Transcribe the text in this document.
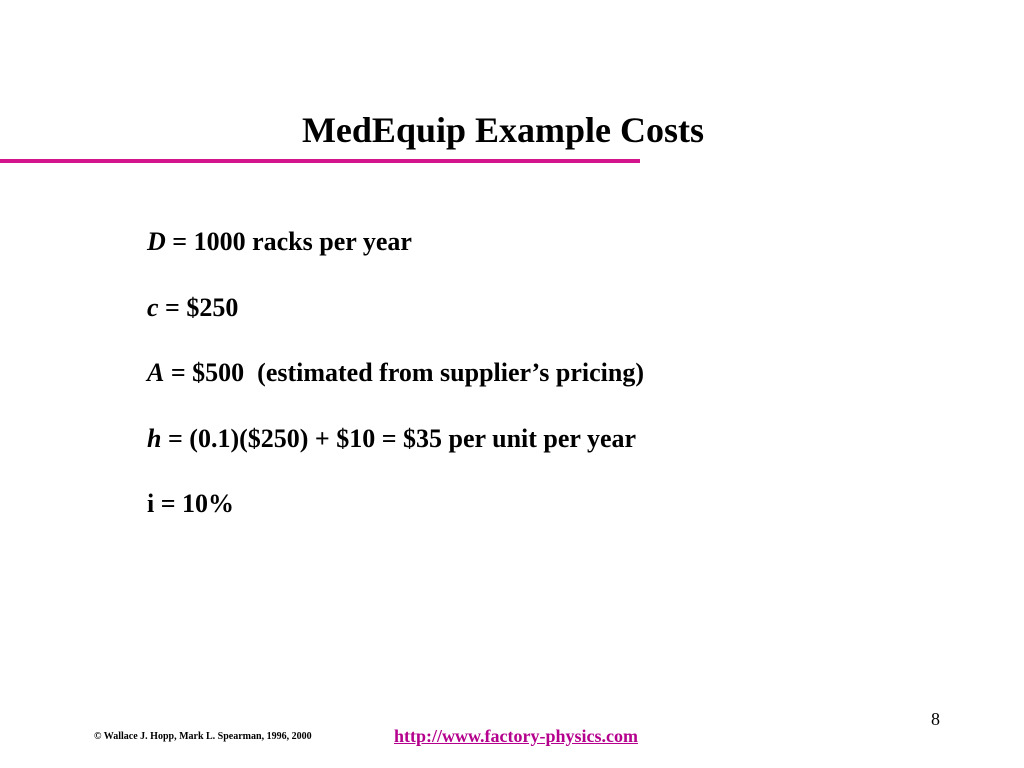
MedEquip Example Costs
D = 1000 racks per year
c = $250
A = $500  (estimated from supplier’s pricing)
h = (0.1)($250) + $10 = $35 per unit per year
i = 10%
8
© Wallace J. Hopp, Mark L. Spearman, 1996, 2000	http://www.factory-physics.com
